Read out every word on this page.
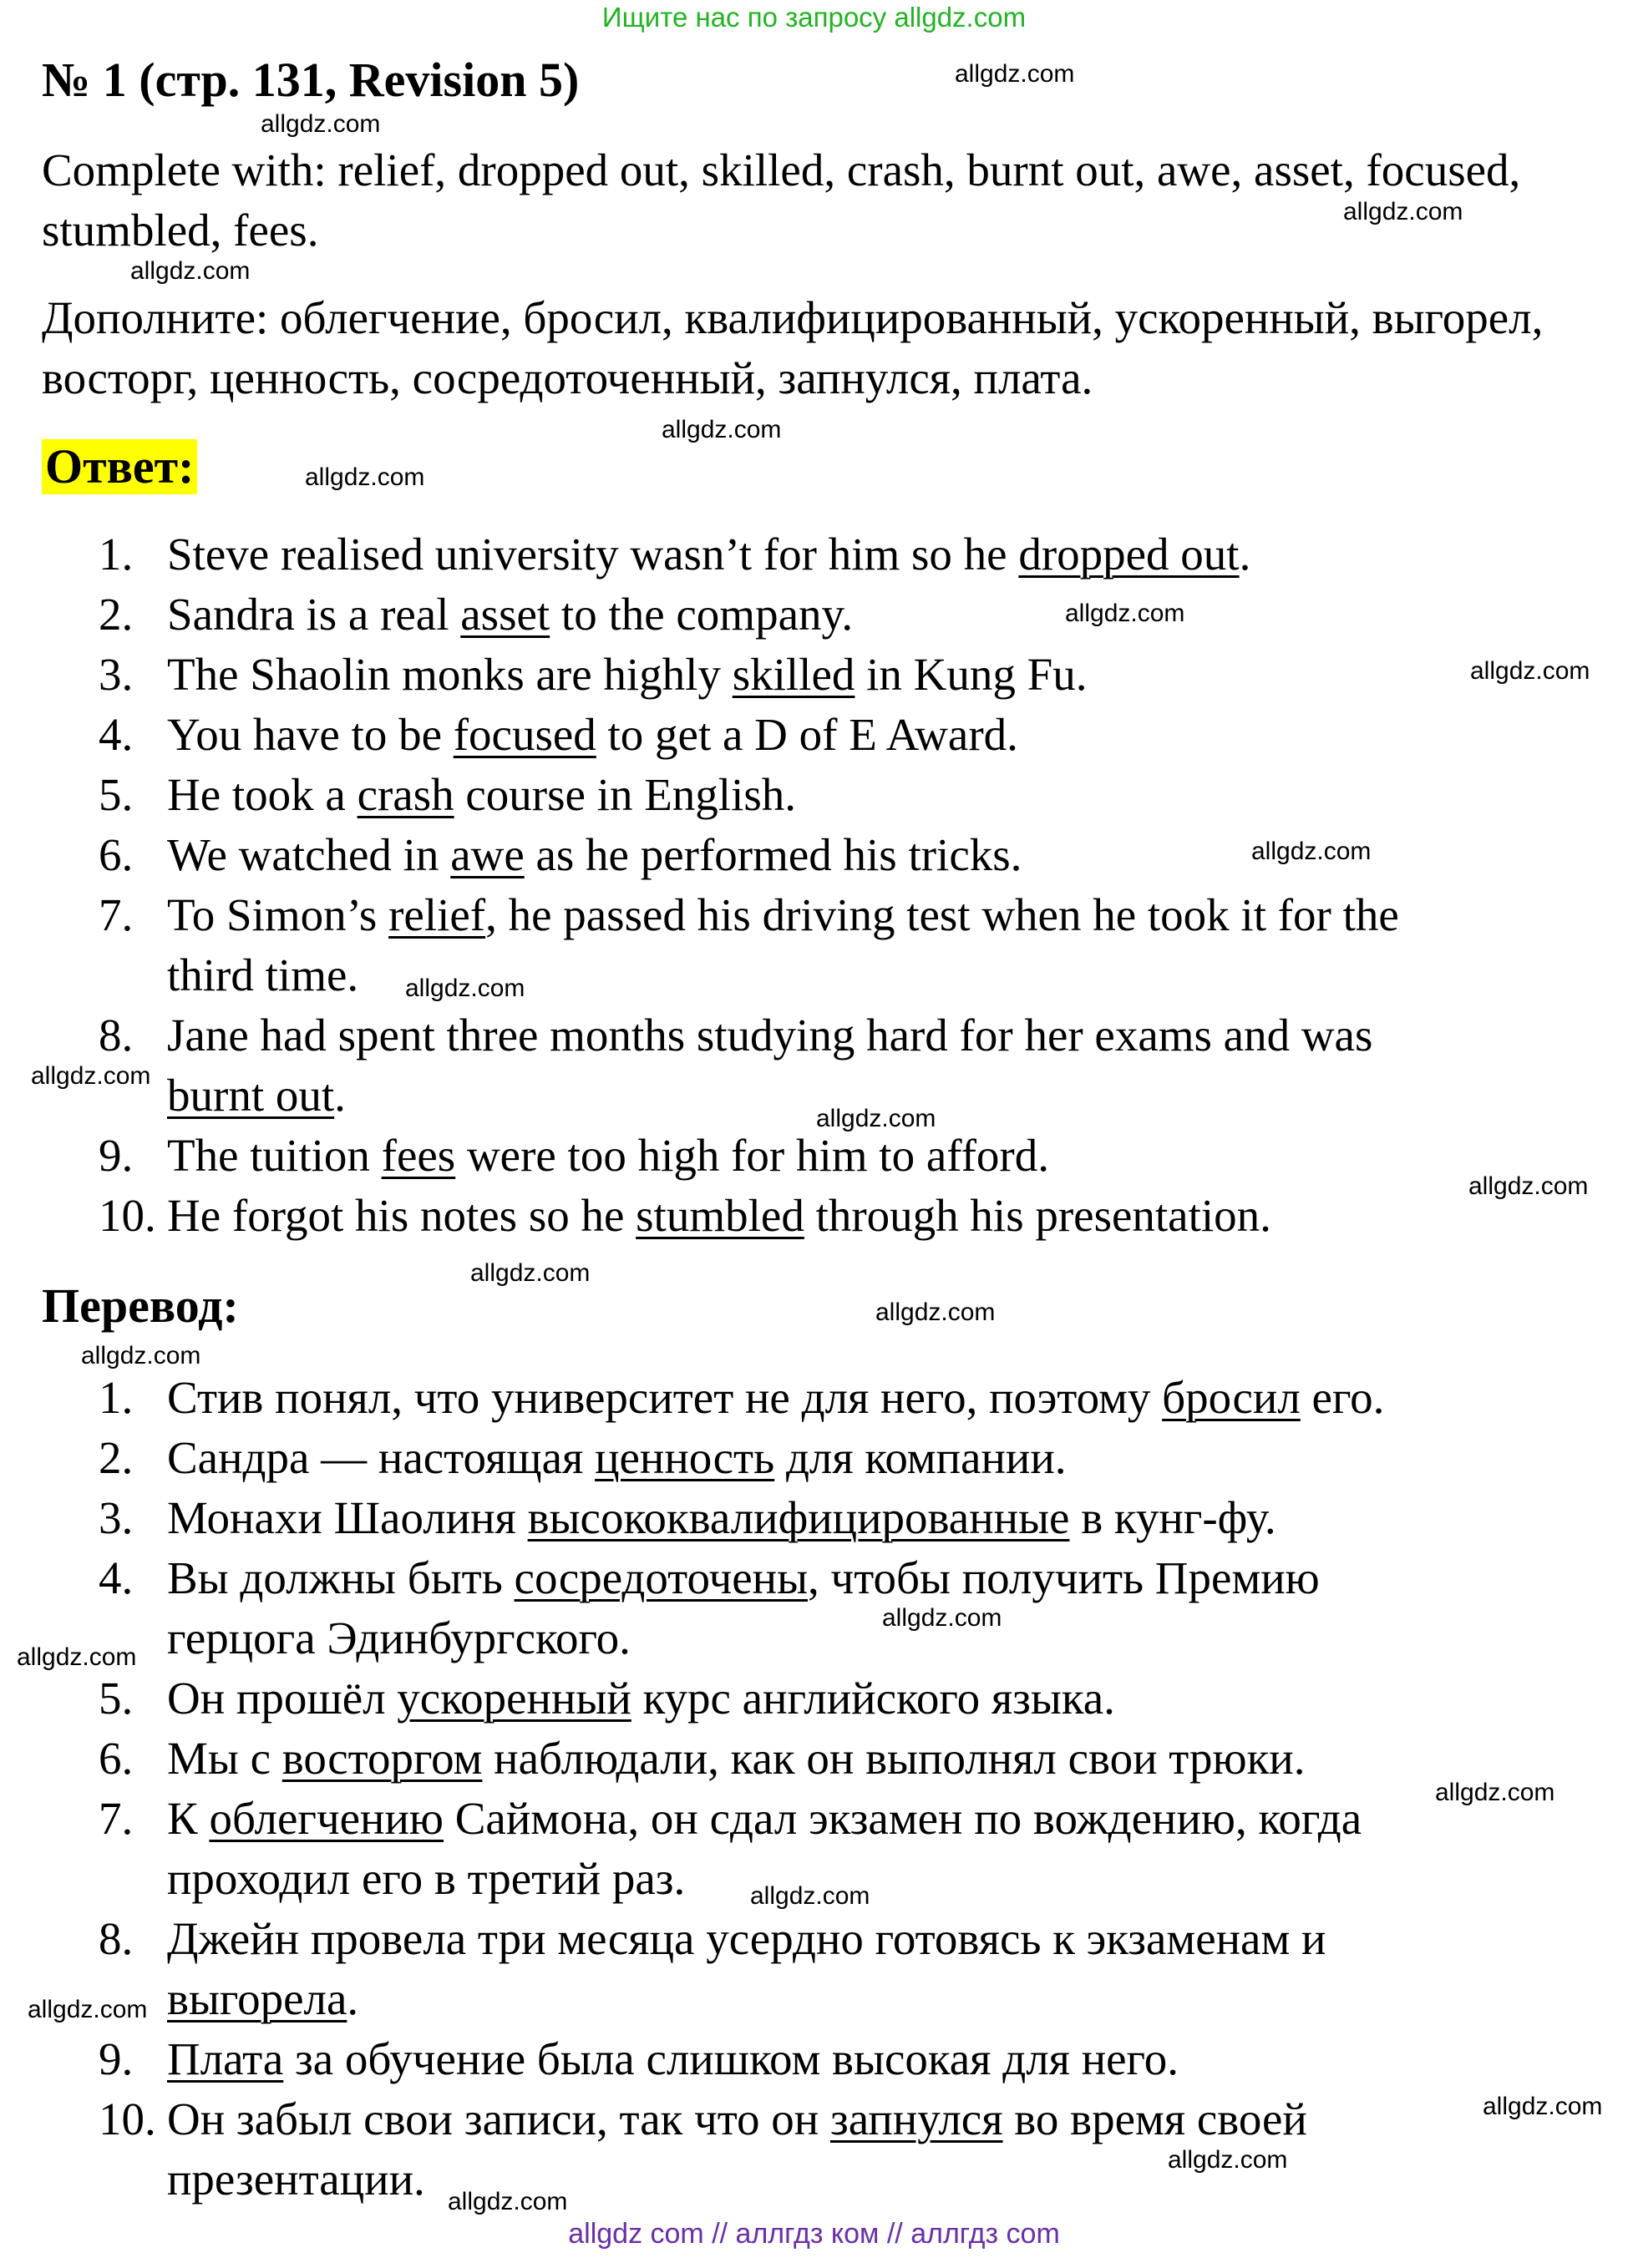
Ищите нас по запросу allgdz.com
№ 1 (стр. 131, Revision 5)
Complete with: relief, dropped out, skilled, crash, burnt out, awe, asset, focused, stumbled, fees.
Дополните: облегчение, бросил, квалифицированный, ускоренный, выгорел, восторг, ценность, сосредоточенный, запнулся, плата.
Ответ:
1. Steve realised university wasn’t for him so he dropped out.
2. Sandra is a real asset to the company.
3. The Shaolin monks are highly skilled in Kung Fu.
4. You have to be focused to get a D of E Award.
5. He took a crash course in English.
6. We watched in awe as he performed his tricks.
7. To Simon’s relief, he passed his driving test when he took it for the third time.
8. Jane had spent three months studying hard for her exams and was burnt out.
9. The tuition fees were too high for him to afford.
10. He forgot his notes so he stumbled through his presentation.
Перевод:
1. Стив понял, что университет не для него, поэтому бросил его.
2. Сандра — настоящая ценность для компании.
3. Монахи Шаолиня высококвалифицированные в кунг-фу.
4. Вы должны быть сосредоточены, чтобы получить Премию герцога Эдинбургского.
5. Он прошёл ускоренный курс английского языка.
6. Мы с восторгом наблюдали, как он выполнял свои трюки.
7. К облегчению Саймона, он сдал экзамен по вождению, когда проходил его в третий раз.
8. Джейн провела три месяца усердно готовясь к экзаменам и выгорела.
9. Плата за обучение была слишком высокая для него.
10. Он забыл свои записи, так что он запнулся во время своей презентации.
allgdz.com
allgdz.com
allgdz.com
allgdz.com
allgdz.com
allgdz.com
allgdz.com
allgdz.com
allgdz.com
allgdz.com
allgdz.com
allgdz.com
allgdz.com
allgdz.com
allgdz.com
allgdz.com
allgdz.com
allgdz.com
allgdz.com
allgdz.com
allgdz.com
allgdz.com
allgdz.com
allgdz.com
allgdz com // аллгдз ком // аллгдз com
